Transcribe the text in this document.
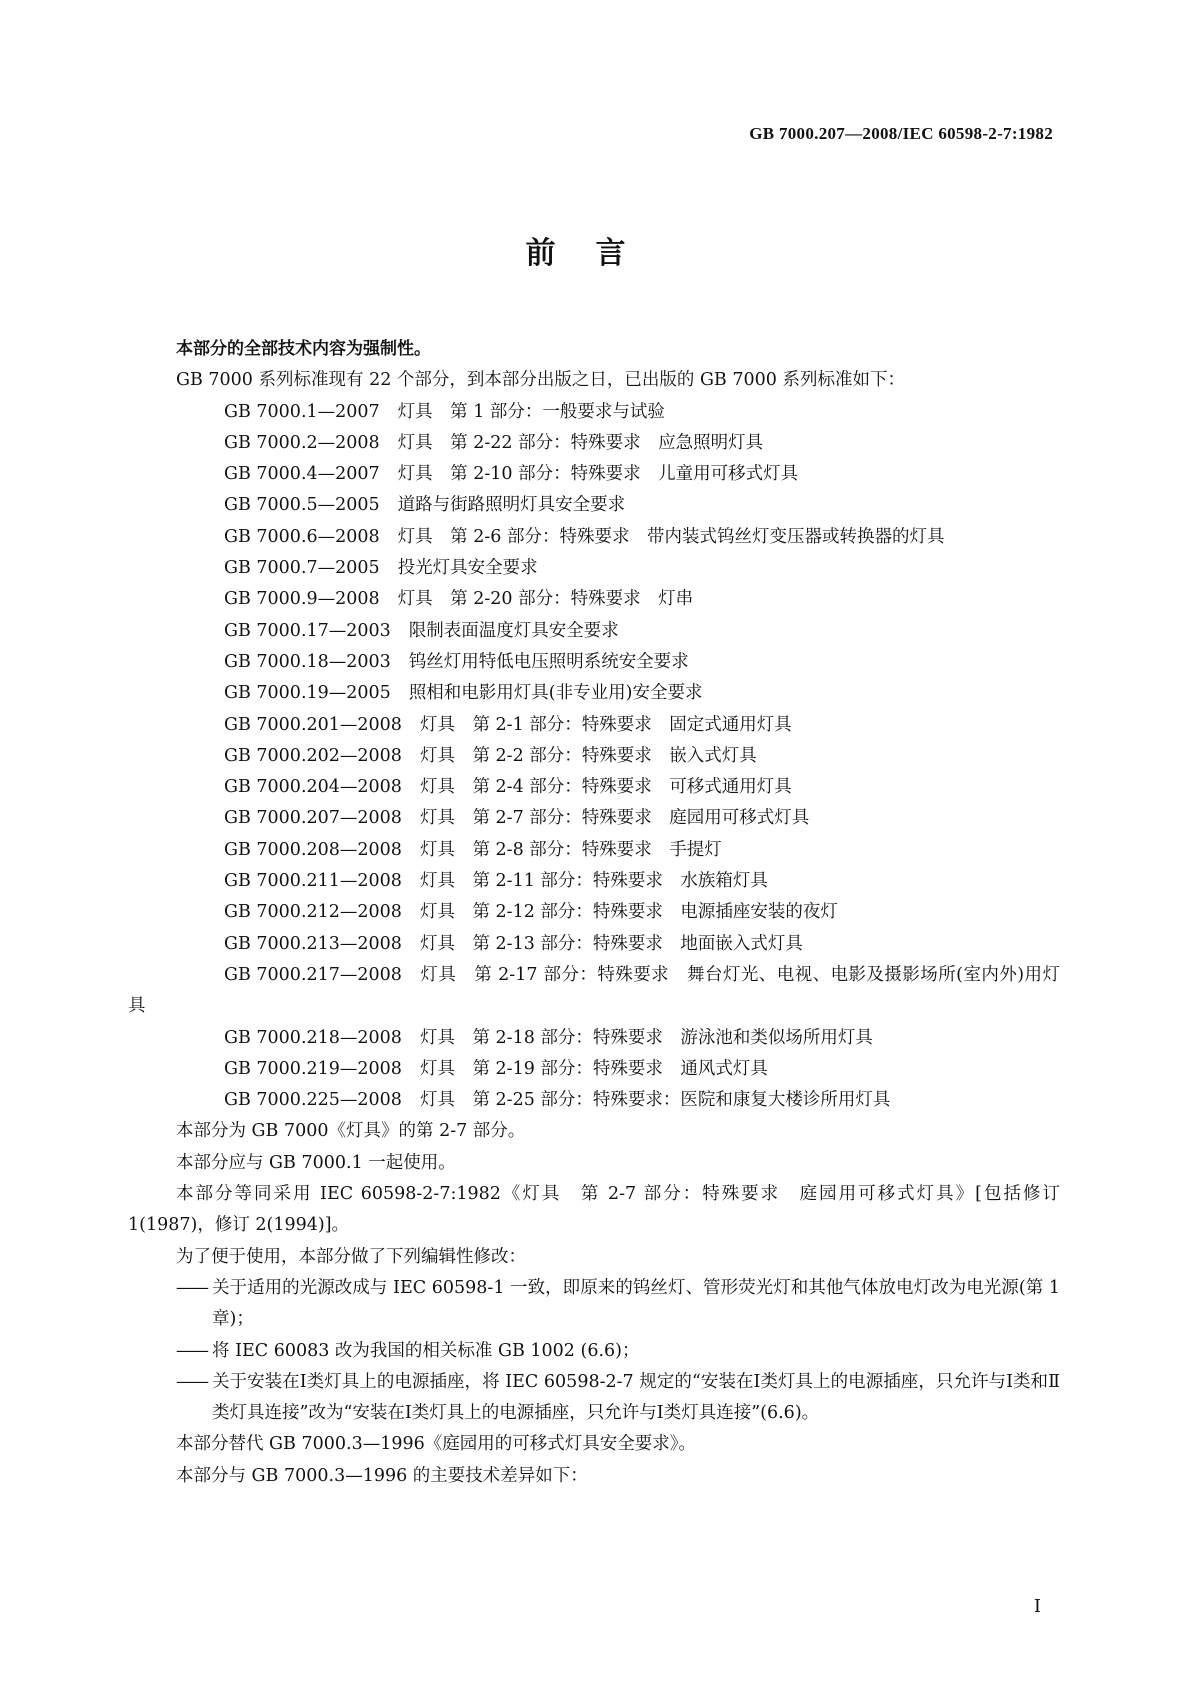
GB 7000.207—2008/IEC 60598-2-7:1982
前言

本部分的全部技术内容为强制性。

GB 7000 系列标准现有 22 个部分，到本部分出版之日，已出版的 GB 7000 系列标准如下：

GB 7000.1—2007 灯具　第 1 部分：一般要求与试验

GB 7000.2—2008 灯具　第 2-22 部分：特殊要求　应急照明灯具

GB 7000.4—2007 灯具　第 2-10 部分：特殊要求　儿童用可移式灯具

GB 7000.5—2005 道路与街路照明灯具安全要求

GB 7000.6—2008 灯具　第 2-6 部分：特殊要求　带内装式钨丝灯变压器或转换器的灯具

GB 7000.7—2005 投光灯具安全要求

GB 7000.9—2008 灯具　第 2-20 部分：特殊要求　灯串

GB 7000.17—2003 限制表面温度灯具安全要求

GB 7000.18—2003 钨丝灯用特低电压照明系统安全要求

GB 7000.19—2005 照相和电影用灯具(非专业用)安全要求

GB 7000.201—2008 灯具　第 2-1 部分：特殊要求　固定式通用灯具

GB 7000.202—2008 灯具　第 2-2 部分：特殊要求　嵌入式灯具

GB 7000.204—2008 灯具　第 2-4 部分：特殊要求　可移式通用灯具

GB 7000.207—2008 灯具　第 2-7 部分：特殊要求　庭园用可移式灯具

GB 7000.208—2008 灯具　第 2-8 部分：特殊要求　手提灯

GB 7000.211—2008 灯具　第 2-11 部分：特殊要求　水族箱灯具

GB 7000.212—2008 灯具　第 2-12 部分：特殊要求　电源插座安装的夜灯

GB 7000.213—2008 灯具　第 2-13 部分：特殊要求　地面嵌入式灯具

GB 7000.217—2008 灯具　第 2-17 部分：特殊要求　舞台灯光、电视、电影及摄影场所(室内外)用灯具

GB 7000.218—2008 灯具　第 2-18 部分：特殊要求　游泳池和类似场所用灯具

GB 7000.219—2008 灯具　第 2-19 部分：特殊要求　通风式灯具

GB 7000.225—2008 灯具　第 2-25 部分：特殊要求：医院和康复大楼诊所用灯具

本部分为 GB 7000《灯具》的第 2-7 部分。

本部分应与 GB 7000.1 一起使用。

本部分等同采用 IEC 60598-2-7:1982《灯具　第 2-7 部分：特殊要求　庭园用可移式灯具》[包括修订 1(1987)，修订 2(1994)]。

为了便于使用，本部分做了下列编辑性修改：

—— 关于适用的光源改成与 IEC 60598-1 一致，即原来的钨丝灯、管形荧光灯和其他气体放电灯改为电光源(第 1 章)；
—— 将 IEC 60083 改为我国的相关标准 GB 1002 (6.6)；
—— 关于安装在Ⅰ类灯具上的电源插座，将 IEC 60598-2-7 规定的“安装在Ⅰ类灯具上的电源插座，只允许与Ⅰ类和Ⅱ类灯具连接”改为“安装在Ⅰ类灯具上的电源插座，只允许与Ⅰ类灯具连接”(6.6)。

本部分替代 GB 7000.3—1996《庭园用的可移式灯具安全要求》。

本部分与 GB 7000.3—1996 的主要技术差异如下：

I
